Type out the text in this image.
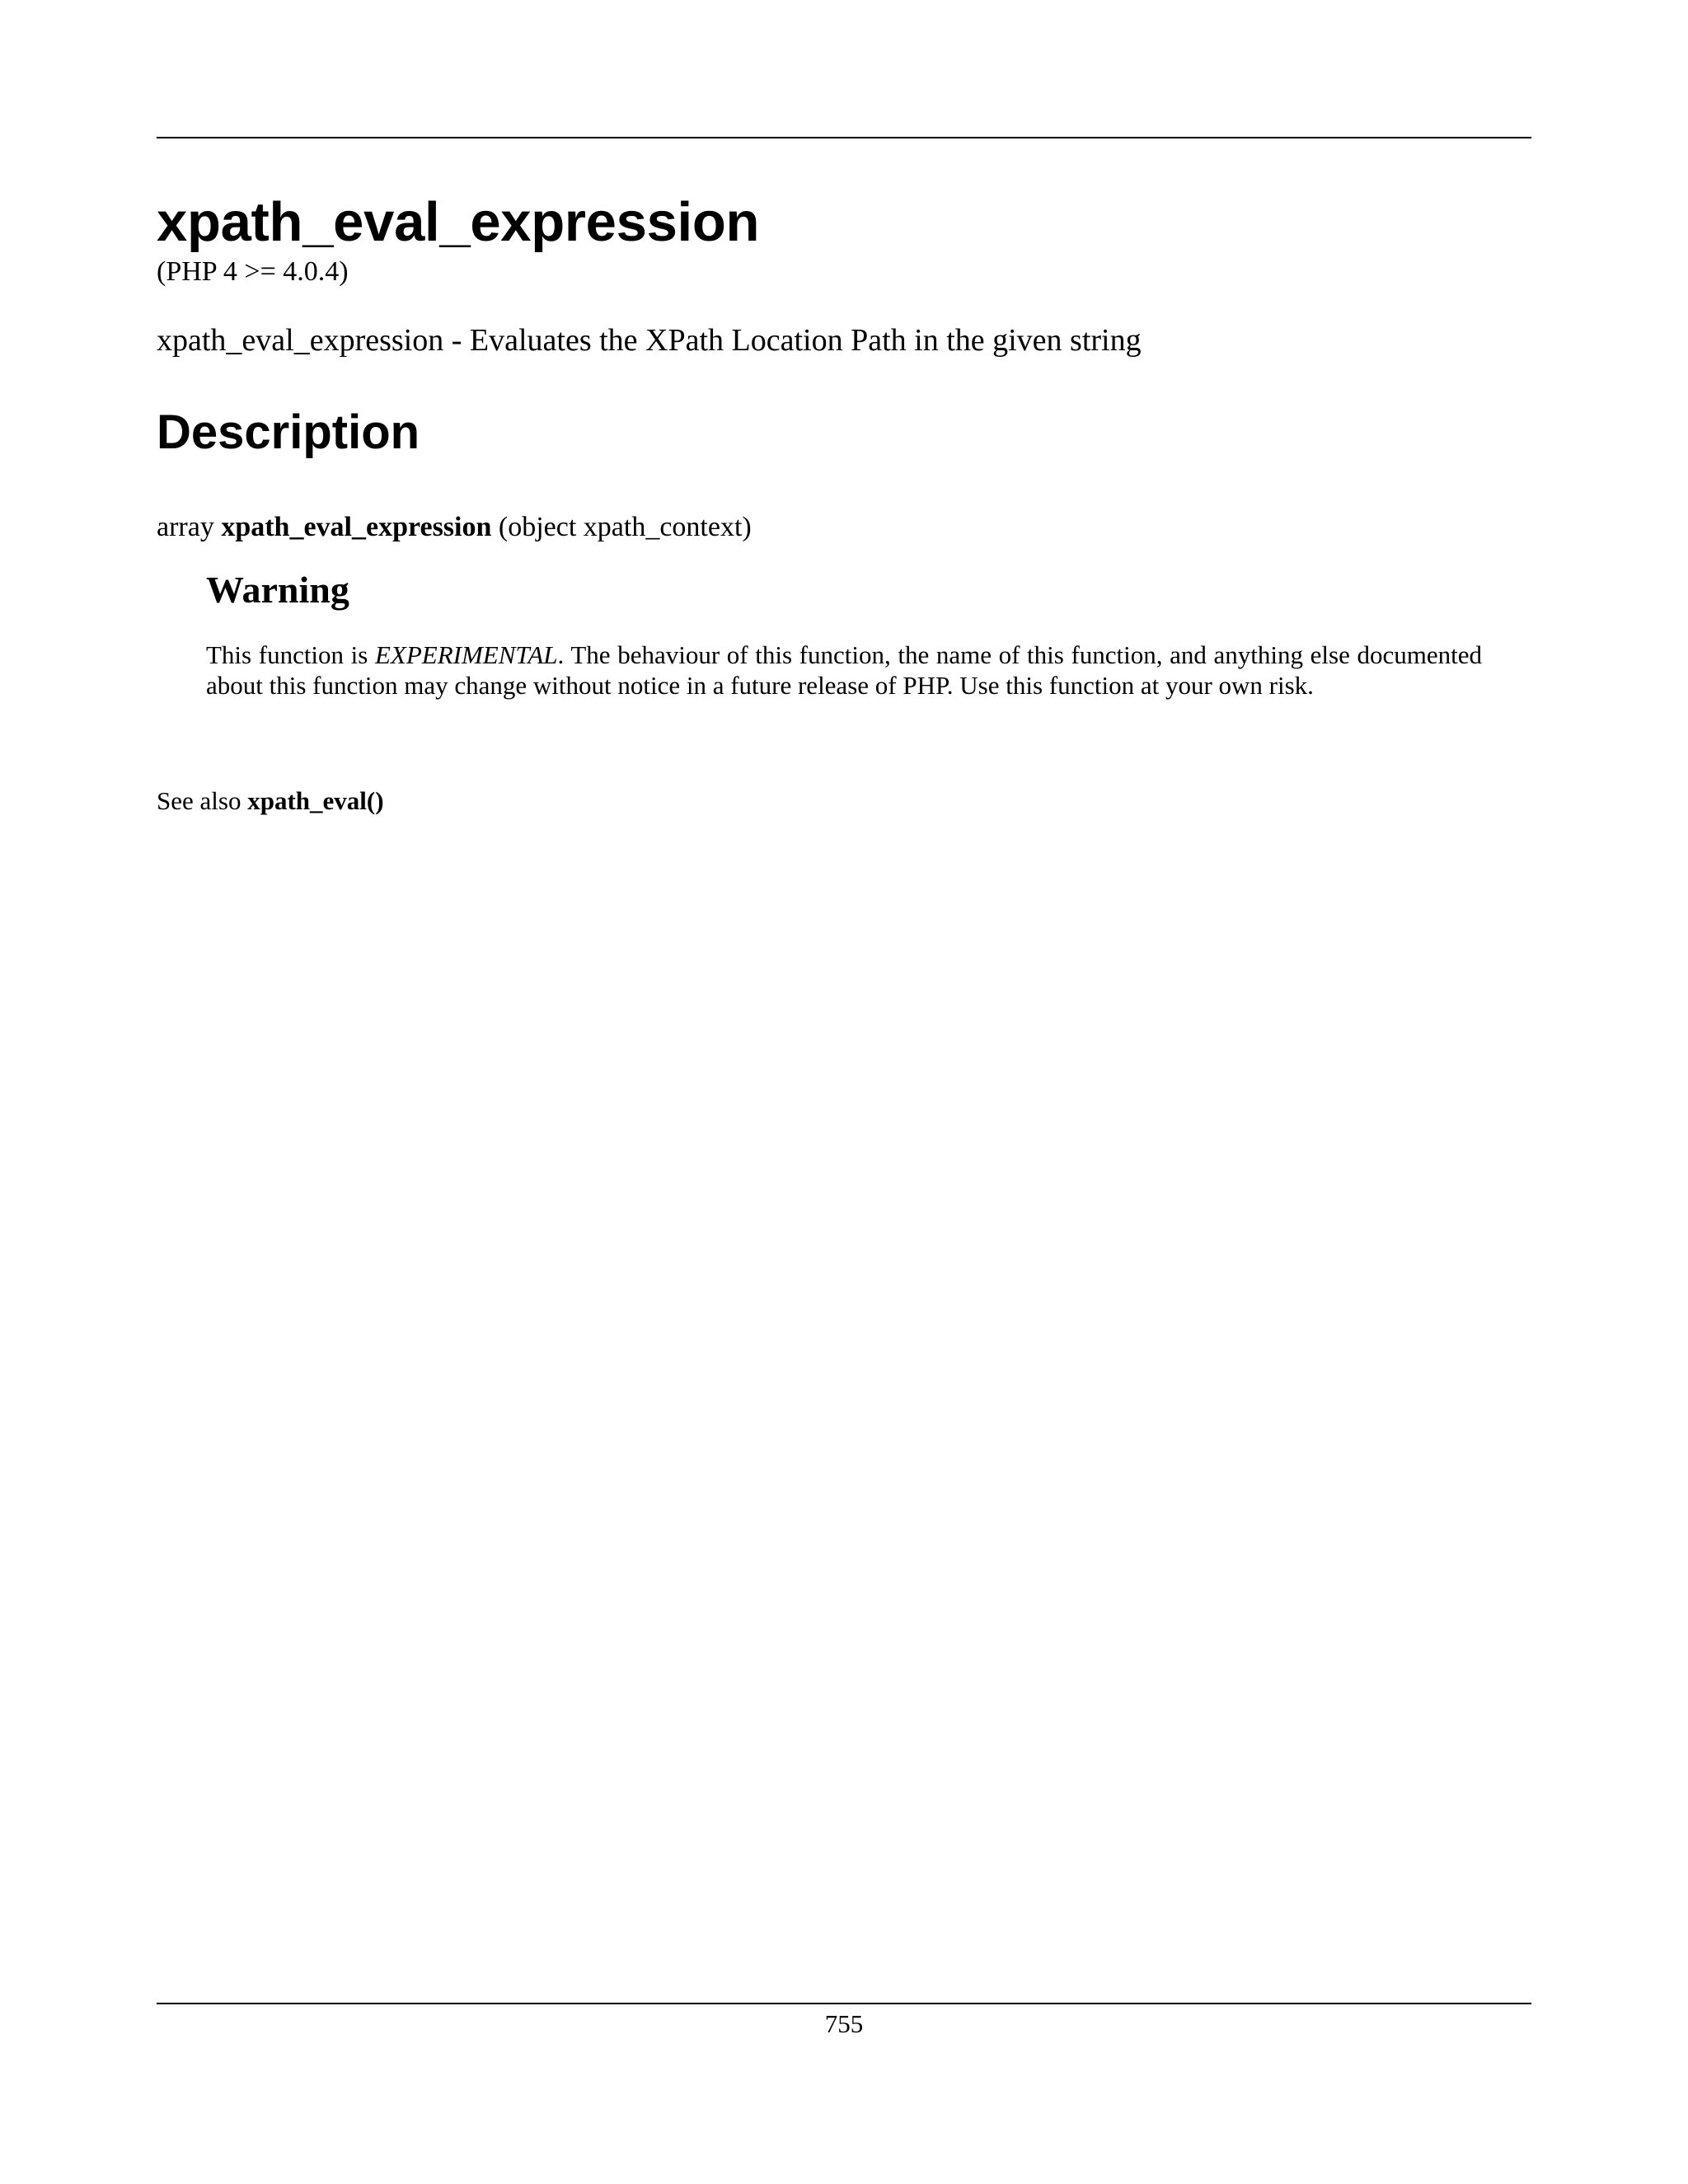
xpath_eval_expression
(PHP 4 >= 4.0.4)
xpath_eval_expression - Evaluates the XPath Location Path in the given string
Description
array xpath_eval_expression (object xpath_context)
Warning
This function is EXPERIMENTAL. The behaviour of this function, the name of this function, and anything else documented about this function may change without notice in a future release of PHP. Use this function at your own risk.
See also xpath_eval()
755
